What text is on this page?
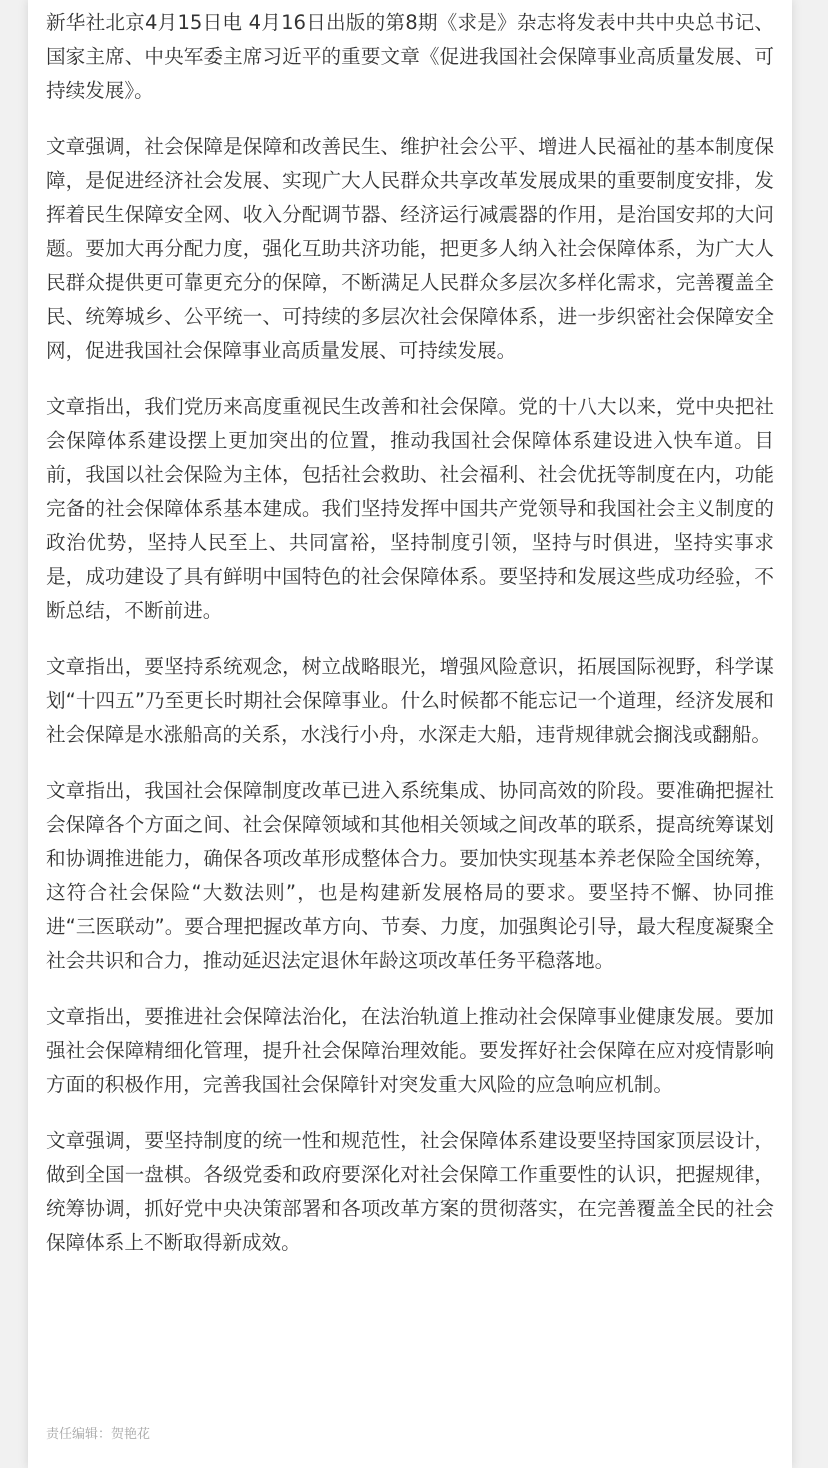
新华社北京4月15日电 4月16日出版的第8期《求是》杂志将发表中共中央总书记、国家主席、中央军委主席习近平的重要文章《促进我国社会保障事业高质量发展、可持续发展》。

文章强调，社会保障是保障和改善民生、维护社会公平、增进人民福祉的基本制度保障，是促进经济社会发展、实现广大人民群众共享改革发展成果的重要制度安排，发挥着民生保障安全网、收入分配调节器、经济运行减震器的作用，是治国安邦的大问题。要加大再分配力度，强化互助共济功能，把更多人纳入社会保障体系，为广大人民群众提供更可靠更充分的保障，不断满足人民群众多层次多样化需求，完善覆盖全民、统筹城乡、公平统一、可持续的多层次社会保障体系，进一步织密社会保障安全网，促进我国社会保障事业高质量发展、可持续发展。

文章指出，我们党历来高度重视民生改善和社会保障。党的十八大以来，党中央把社会保障体系建设摆上更加突出的位置，推动我国社会保障体系建设进入快车道。目前，我国以社会保险为主体，包括社会救助、社会福利、社会优抚等制度在内，功能完备的社会保障体系基本建成。我们坚持发挥中国共产党领导和我国社会主义制度的政治优势，坚持人民至上、共同富裕，坚持制度引领，坚持与时俱进，坚持实事求是，成功建设了具有鲜明中国特色的社会保障体系。要坚持和发展这些成功经验，不断总结，不断前进。

文章指出，要坚持系统观念，树立战略眼光，增强风险意识，拓展国际视野，科学谋划“十四五”乃至更长时期社会保障事业。什么时候都不能忘记一个道理，经济发展和社会保障是水涨船高的关系，水浅行小舟，水深走大船，违背规律就会搁浅或翻船。

文章指出，我国社会保障制度改革已进入系统集成、协同高效的阶段。要准确把握社会保障各个方面之间、社会保障领域和其他相关领域之间改革的联系，提高统筹谋划和协调推进能力，确保各项改革形成整体合力。要加快实现基本养老保险全国统筹，这符合社会保险“大数法则”，也是构建新发展格局的要求。要坚持不懈、协同推进“三医联动”。要合理把握改革方向、节奏、力度，加强舆论引导，最大程度凝聚全社会共识和合力，推动延迟法定退休年龄这项改革任务平稳落地。

文章指出，要推进社会保障法治化，在法治轨道上推动社会保障事业健康发展。要加强社会保障精细化管理，提升社会保障治理效能。要发挥好社会保障在应对疫情影响方面的积极作用，完善我国社会保障针对突发重大风险的应急响应机制。

文章强调，要坚持制度的统一性和规范性，社会保障体系建设要坚持国家顶层设计，做到全国一盘棋。各级党委和政府要深化对社会保障工作重要性的认识，把握规律，统筹协调，抓好党中央决策部署和各项改革方案的贯彻落实，在完善覆盖全民的社会保障体系上不断取得新成效。

责任编辑：贺艳花
